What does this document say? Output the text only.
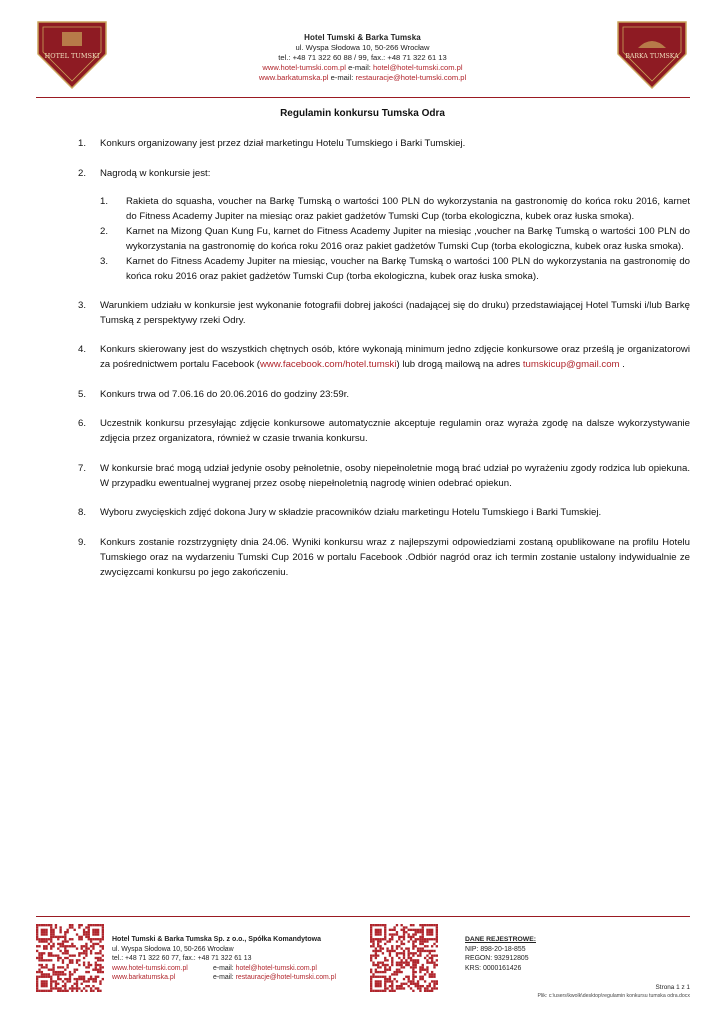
HOTEL TUMSKI
Hotel Tumski & Barka Tumska
ul. Wyspa Słodowa 10, 50-266 Wrocław
tel.: +48 71 322 60 88 / 99, fax.: +48 71 322 61 13
www.hotel-tumski.com.pl e-mail: hotel@hotel-tumski.com.pl
www.barkatumska.pl e-mail: restauracje@hotel-tumski.com.pl
BARKA TUMSKA
Regulamin konkursu Tumska Odra
1.	Konkurs organizowany jest przez dział marketingu Hotelu Tumskiego i Barki Tumskiej.
2.	Nagrodą w konkursie jest:
1.	Rakieta do squasha, voucher na Barkę Tumską o wartości 100 PLN do wykorzystania na gastronomię do końca roku 2016, karnet do Fitness Academy Jupiter na miesiąc oraz pakiet gadżetów Tumski Cup (torba ekologiczna, kubek oraz łuska smoka).
2.	Karnet na Mizong Quan Kung Fu, karnet do Fitness Academy Jupiter na miesiąc ,voucher na Barkę Tumską o wartości 100 PLN do wykorzystania na gastronomię do końca roku 2016 oraz pakiet gadżetów Tumski Cup (torba ekologiczna, kubek oraz łuska smoka).
3.	Karnet do Fitness Academy Jupiter na miesiąc, voucher na Barkę Tumską o wartości 100 PLN do wykorzystania na gastronomię do końca roku 2016 oraz pakiet gadżetów Tumski Cup (torba ekologiczna, kubek oraz łuska smoka).
3.	Warunkiem udziału w konkursie jest wykonanie fotografii dobrej jakości (nadającej się do druku) przedstawiającej Hotel Tumski i/lub Barkę Tumską z perspektywy rzeki Odry.
4.	Konkurs skierowany jest do wszystkich chętnych osób, które wykonają minimum jedno zdjęcie konkursowe oraz prześlą je organizatorowi za pośrednictwem portalu Facebook (www.facebook.com/hotel.tumski) lub drogą mailową na adres tumskicup@gmail.com .
5.	Konkurs trwa od 7.06.16 do 20.06.2016 do godziny 23:59r.
6.	Uczestnik konkursu przesyłając zdjęcie konkursowe automatycznie akceptuje regulamin oraz wyraża zgodę na dalsze wykorzystywanie zdjęcia przez organizatora, również w czasie trwania konkursu.
7.	W konkursie brać mogą udział jedynie osoby pełnoletnie, osoby niepełnoletnie mogą brać udział po wyrażeniu zgody rodzica lub opiekuna. W przypadku ewentualnej wygranej przez osobę niepełnoletnią nagrodę winien odebrać opiekun.
8.	Wyboru zwycięskich zdjęć dokona Jury w składzie pracowników działu marketingu Hotelu Tumskiego i Barki Tumskiej.
9.	Konkurs zostanie rozstrzygnięty dnia 24.06. Wyniki konkursu wraz z najlepszymi odpowiedziami zostaną opublikowane na profilu Hotelu Tumskiego oraz na wydarzeniu Tumski Cup 2016 w portalu Facebook .Odbiór nagród oraz ich termin zostanie ustalony indywidualnie ze zwycięzcami konkursu po jego zakończeniu.
Hotel Tumski & Barka Tumska Sp. z o.o., Spółka Komandytowa
ul. Wyspa Słodowa 10, 50-266 Wrocław
tel.: +48 71 322 60 77, fax.: +48 71 322 61 13
www.hotel-tumski.com.pl	e-mail: hotel@hotel-tumski.com.pl
www.barkatumska.pl	e-mail: restauracje@hotel-tumski.com.pl
DANE REJESTROWE:
NIP: 898-20-18-855
REGON: 932912805
KRS: 0000161426
Strona 1 z 1
Plik: c:\users\kwolk\desktop\regulamin konkursu tumska odra.docx
